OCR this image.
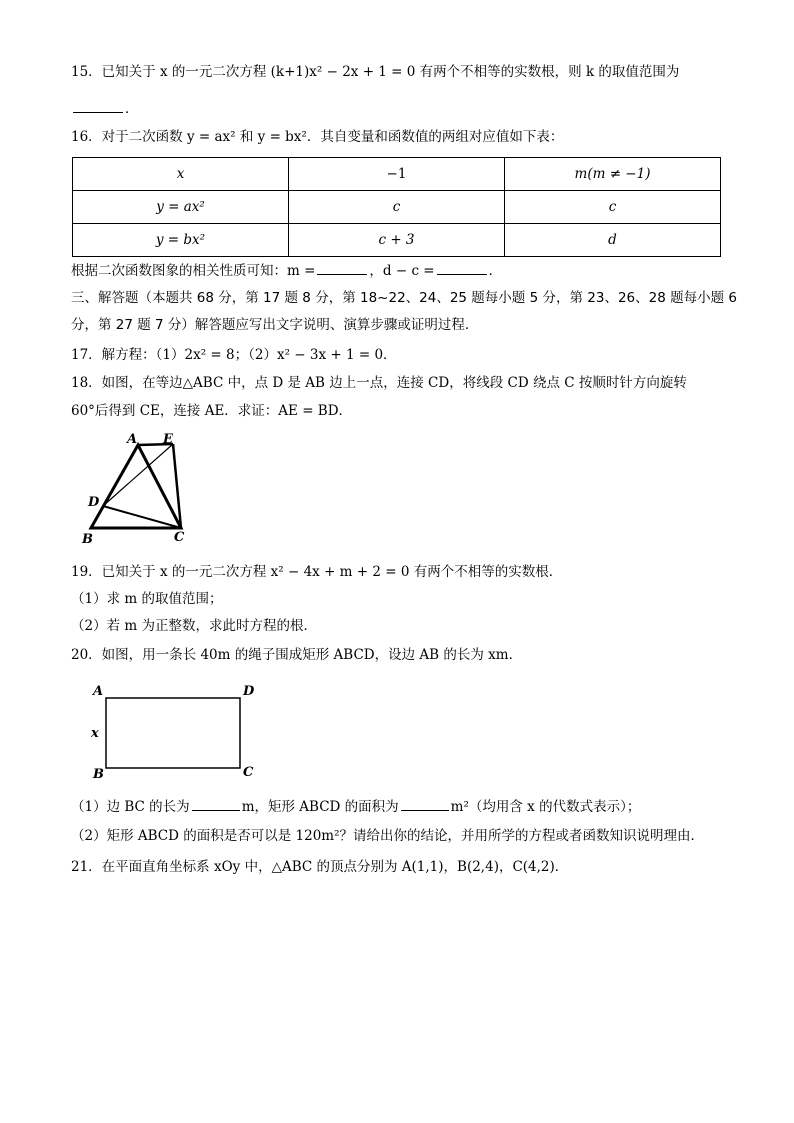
15．已知关于 x 的一元二次方程 (k+1)x² − 2x + 1 = 0 有两个不相等的实数根，则 k 的取值范围为
．
16．对于二次函数 y = ax² 和 y = bx²．其自变量和函数值的两组对应值如下表：
x	−1	m(m ≠ −1)
y = ax²	c	c
y = bx²	c + 3	d
根据二次函数图象的相关性质可知：m =	，d − c =	．
三、解答题（本题共 68 分，第 17 题 8 分，第 18~22、24、25 题每小题 5 分，第 23、26、28 题每小题 6
分，第 27 题 7 分）解答题应写出文字说明、演算步骤或证明过程．
17．解方程：（1）2x² = 8；（2）x² − 3x + 1 = 0．
18．如图，在等边△ABC 中，点 D 是 AB 边上一点，连接 CD，将线段 CD 绕点 C 按顺时针方向旋转
60°后得到 CE，连接 AE．求证：AE = BD．
A E
D
B	C
19．已知关于 x 的一元二次方程 x² − 4x + m + 2 = 0 有两个不相等的实数根．
（1）求 m 的取值范围；
（2）若 m 为正整数，求此时方程的根．
20．如图，用一条长 40m 的绳子围成矩形 ABCD，设边 AB 的长为 xm．
A	D
B	C
x
（1）边 BC 的长为	m，矩形 ABCD 的面积为	m²（均用含 x 的代数式表示）；
（2）矩形 ABCD 的面积是否可以是 120m²？请给出你的结论，并用所学的方程或者函数知识说明理由．
21．在平面直角坐标系 xOy 中，△ABC 的顶点分别为 A(1,1)，B(2,4)，C(4,2)．
